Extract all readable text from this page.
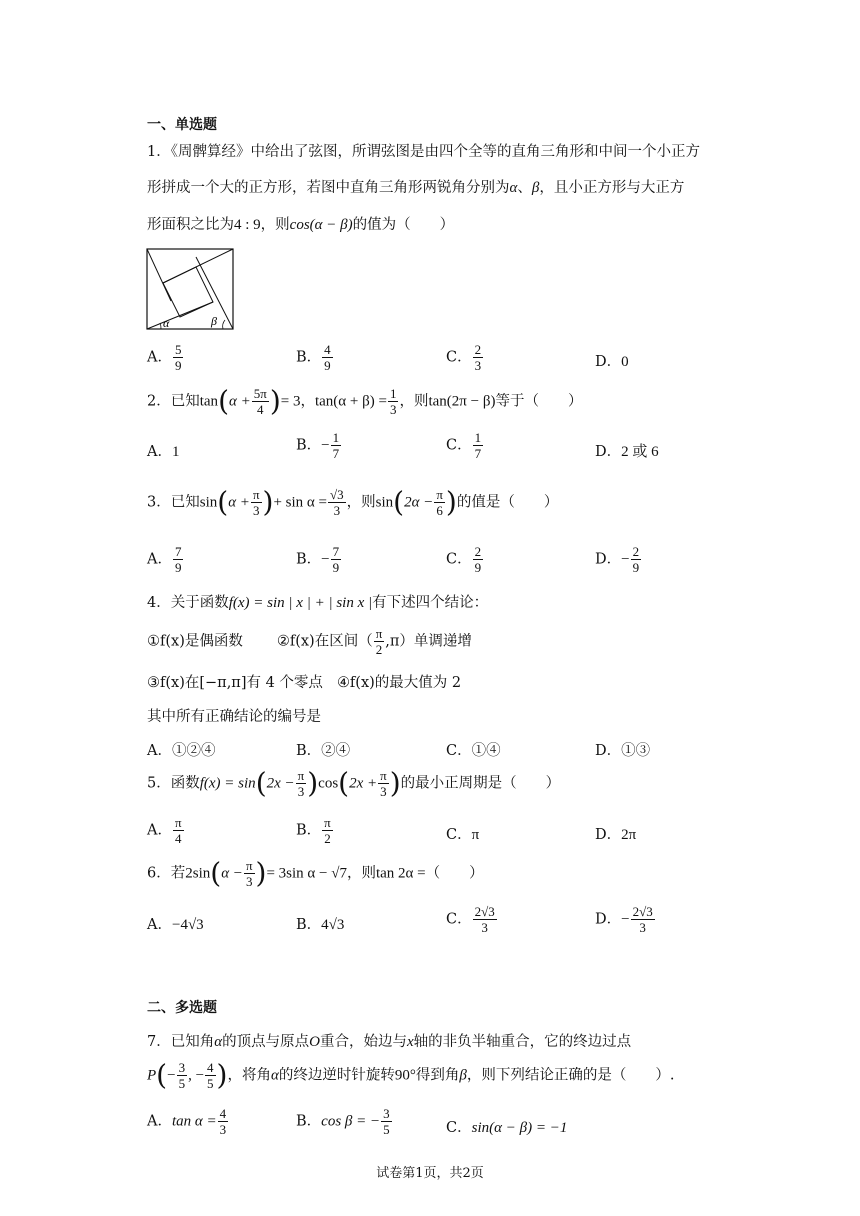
一、单选题
1．《周髀算经》中给出了弦图，所谓弦图是由四个全等的直角三角形和中间一个小正方
形拼成一个大的正方形，若图中直角三角形两锐角分别为α、β，且小正方形与大正方
形面积之比为4 : 9，则cos(α − β)的值为（　　）
α	β
A． $\frac{5}{9}$	B． $\frac{4}{9}$	C． $\frac{2}{3}$	D．0
2．已知$\tan(\alpha + \frac{5\pi}{4}$ )= 3，$\tan(\alpha + \beta) = \frac{1}{3}$ ，则tan(2π − β)等于（　　）
A．1	B．− $\frac{1}{7}$	C． $\frac{1}{7}$	D．2 或 6
3．已知$\sin(\alpha + \frac{\pi}{3}$ )+ $\sin \alpha = \frac{√3}{3}$ ，则$\sin(2\alpha - \frac{\pi}{6}$ )的值是（　　）
A． $\frac{7}{9}$	B．− $\frac{7}{9}$	C． $\frac{2}{9}$	D．− $\frac{2}{9}$
4．关于函数f(x) = sin | x | + | sin x |有下述四个结论：
①f(x)是偶函数 ②f(x)在区间（ $\frac{\pi}{2} ,\pi$）单调递增
③f(x)在[−π,π]有 4 个零点 ④f(x)的最大值为 2
其中所有正确结论的编号是
A．①②④	B．②④	C．①④	D．①③
5．函数$f(x) = \sin(2x - \frac{\pi}{3} )\cos(2x + \frac{\pi}{3}$ )的最小正周期是（　　）
A． $\frac{\pi}{4}$	B． $\frac{\pi}{2}$	C．π	D．2π
6．若$2\sin(\alpha - \frac{\pi}{3}$ )= 3sin α − √7，则tan 2α =（　　）
A．−4√3	B．4√3	C． $\frac{2√3}{3}$	D．− $\frac{2√3}{3}$
二、多选题
7．已知角α的顶点与原点O重合，始边与x轴的非负半轴重合，它的终边过点
$P(- \frac{3}{5}$ , − $\frac{4}{5}$ )，将角α的终边逆时针旋转90°得到角β，则下列结论正确的是（　　）.
A．$\tan \alpha = \frac{4}{3}$	B．cos β = − $\frac{3}{5}$	C．sin(α − β) = −1
试卷第1页，共2页
